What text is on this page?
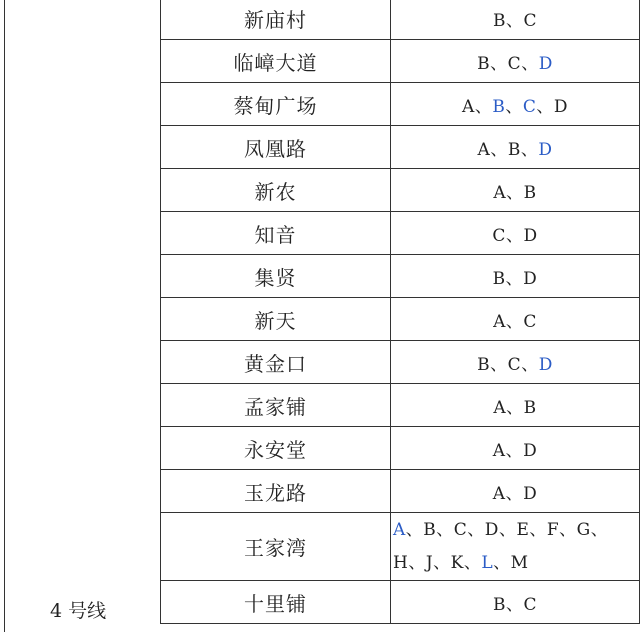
4 号线
新庙村	B、C
临嶂大道	B、C、D
蔡甸广场	A、B、C、D
凤凰路	A、B、D
新农	A、B
知音	C、D
集贤	B、D
新天	A、C
黄金口	B、C、D
孟家铺	A、B
永安堂	A、D
玉龙路	A、D
王家湾	A、B、C、D、E、F、G、H、J、K、L、M
十里铺	B、C
